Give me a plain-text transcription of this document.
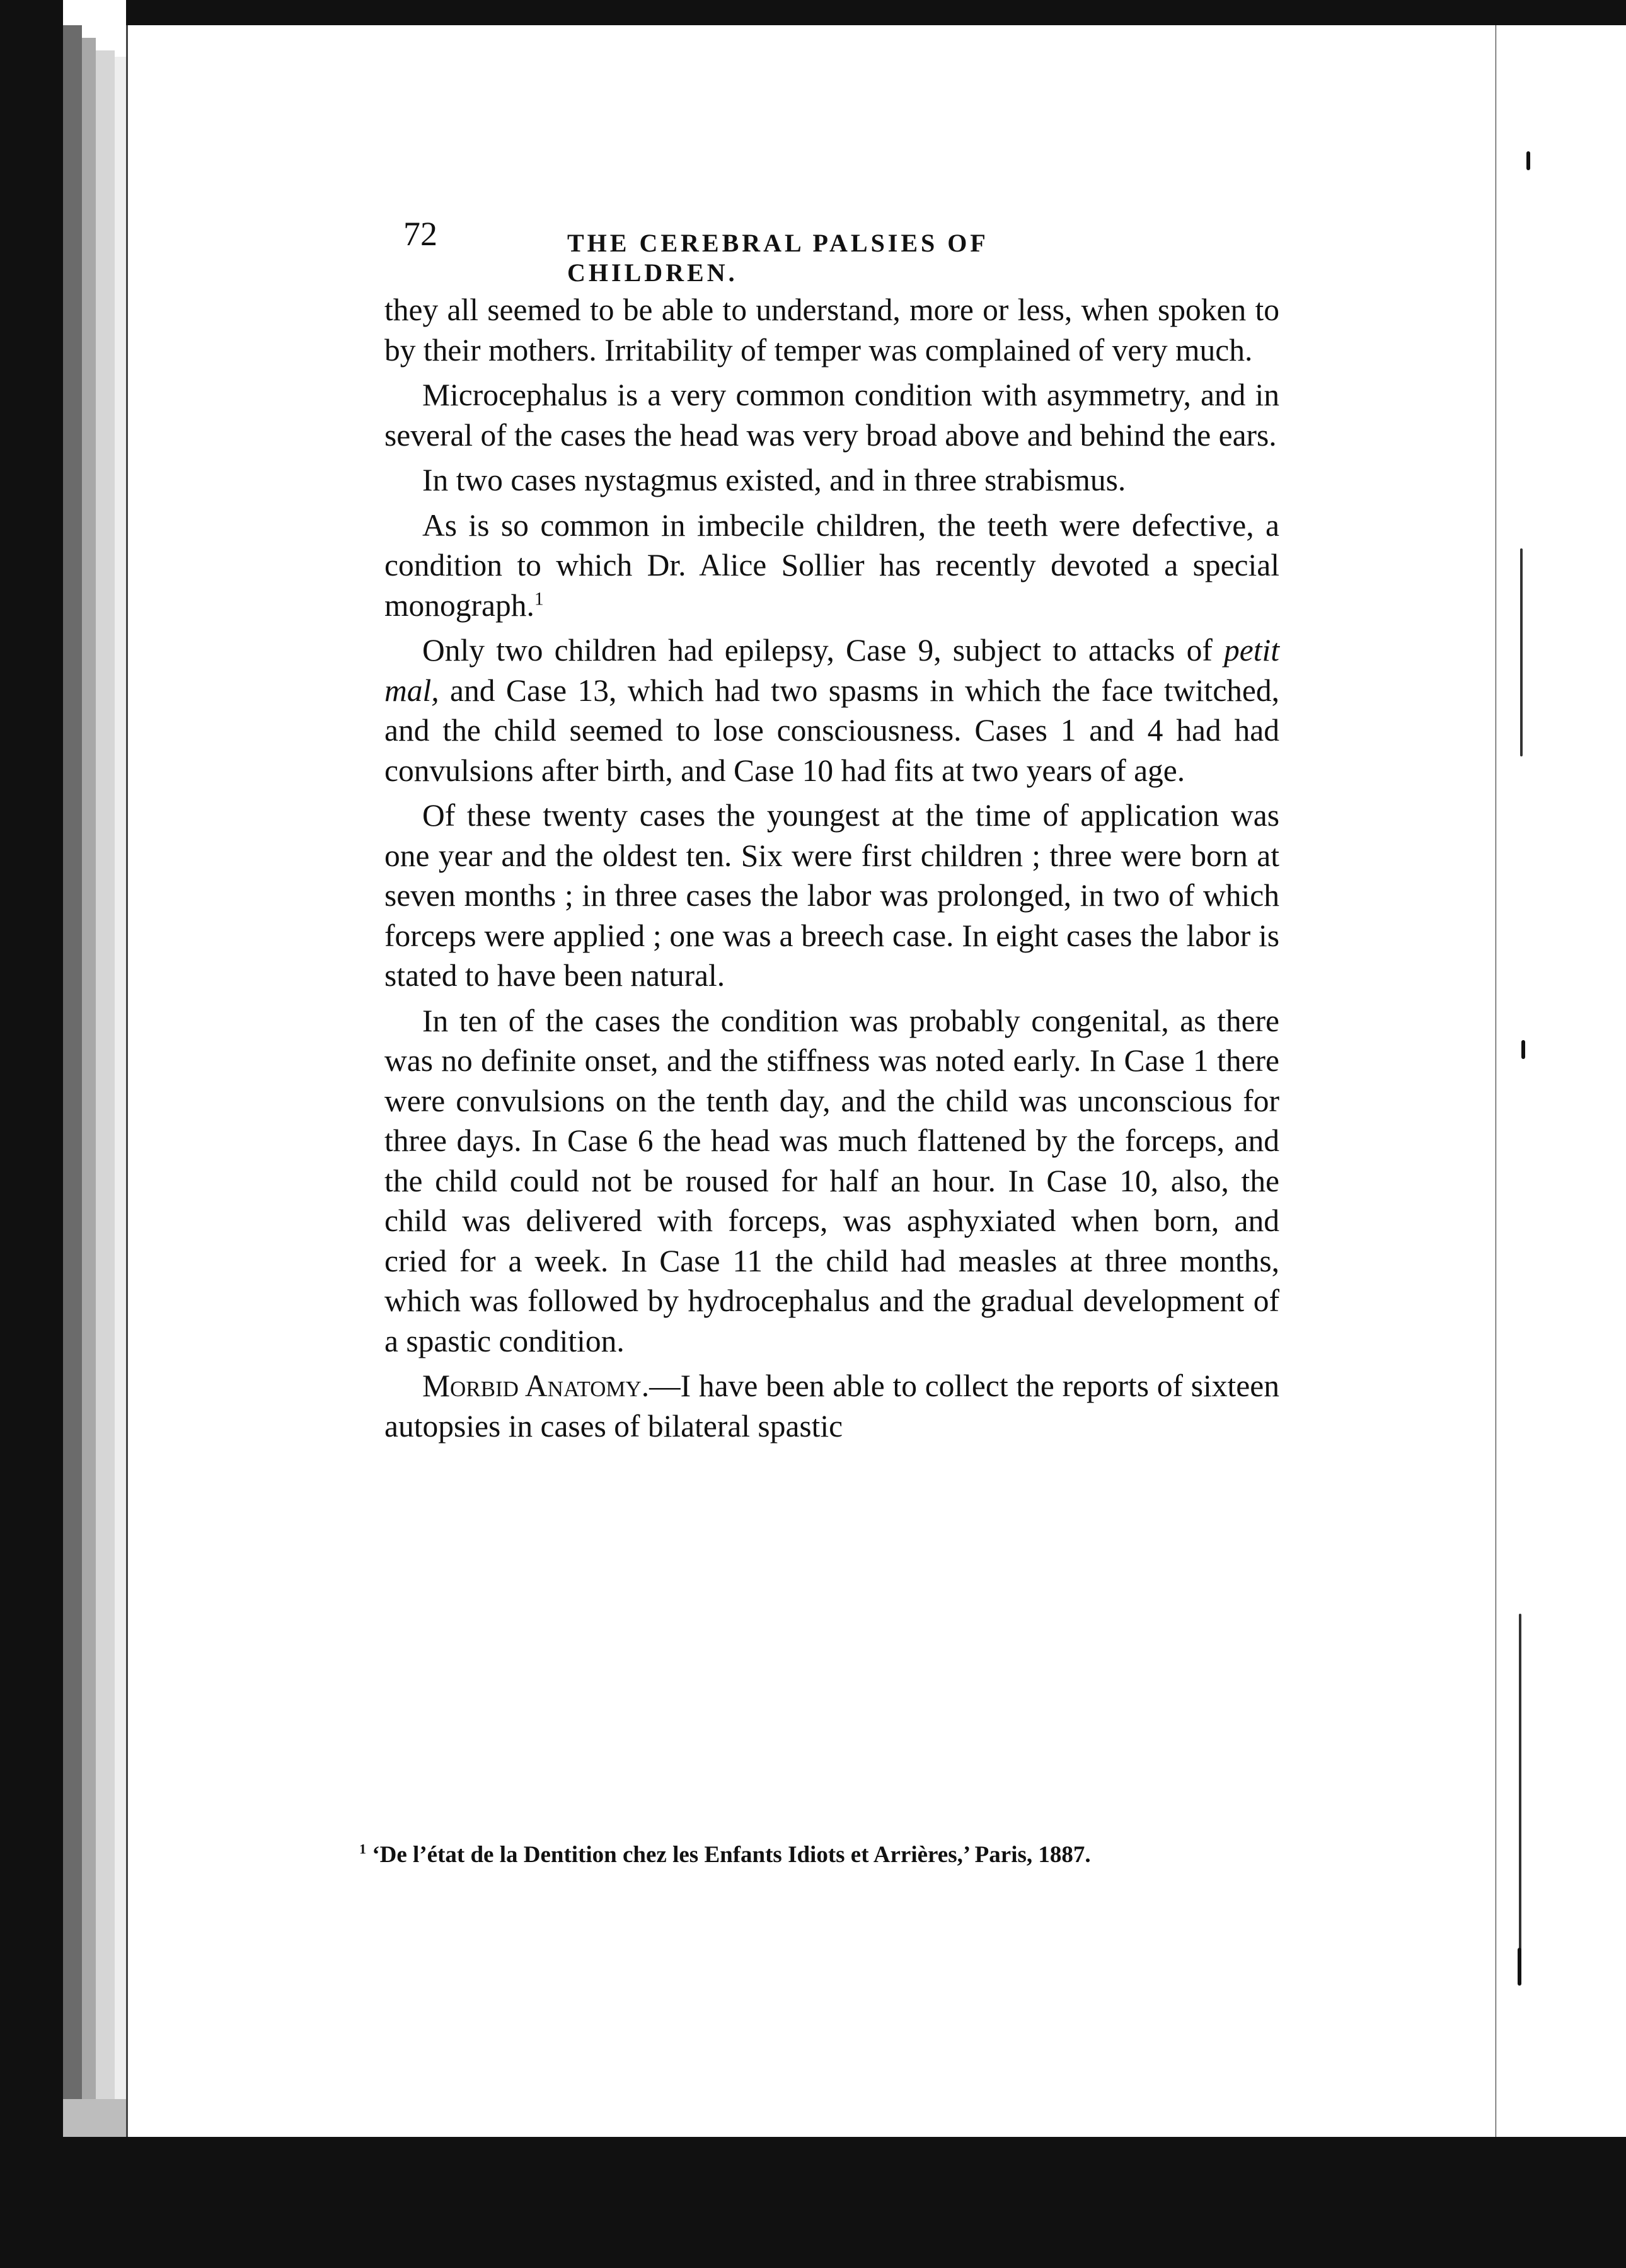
72	THE CEREBRAL PALSIES OF CHILDREN.

they all seemed to be able to understand, more or less, when spoken to by their mothers. Irritability of temper was complained of very much.

Microcephalus is a very common condition with asymmetry, and in several of the cases the head was very broad above and behind the ears.

In two cases nystagmus existed, and in three strabismus.

As is so common in imbecile children, the teeth were defective, a condition to which Dr. Alice Sollier has recently devoted a special monograph.$^1$

Only two children had epilepsy, Case 9, subject to attacks of petit mal, and Case 13, which had two spasms in which the face twitched, and the child seemed to lose consciousness. Cases 1 and 4 had had convulsions after birth, and Case 10 had fits at two years of age.

Of these twenty cases the youngest at the time of application was one year and the oldest ten. Six were first children ; three were born at seven months ; in three cases the labor was prolonged, in two of which forceps were applied ; one was a breech case. In eight cases the labor is stated to have been natural.

In ten of the cases the condition was probably congenital, as there was no definite onset, and the stiffness was noted early. In Case 1 there were convulsions on the tenth day, and the child was unconscious for three days. In Case 6 the head was much flattened by the forceps, and the child could not be roused for half an hour. In Case 10, also, the child was delivered with forceps, was asphyxiated when born, and cried for a week. In Case 11 the child had measles at three months, which was followed by hydrocephalus and the gradual development of a spastic condition.

Morbid Anatomy.—I have been able to collect the reports of sixteen autopsies in cases of bilateral spastic

$^1$ ‘De l’état de la Dentition chez les Enfants Idiots et Arrières,’ Paris, 1887.
